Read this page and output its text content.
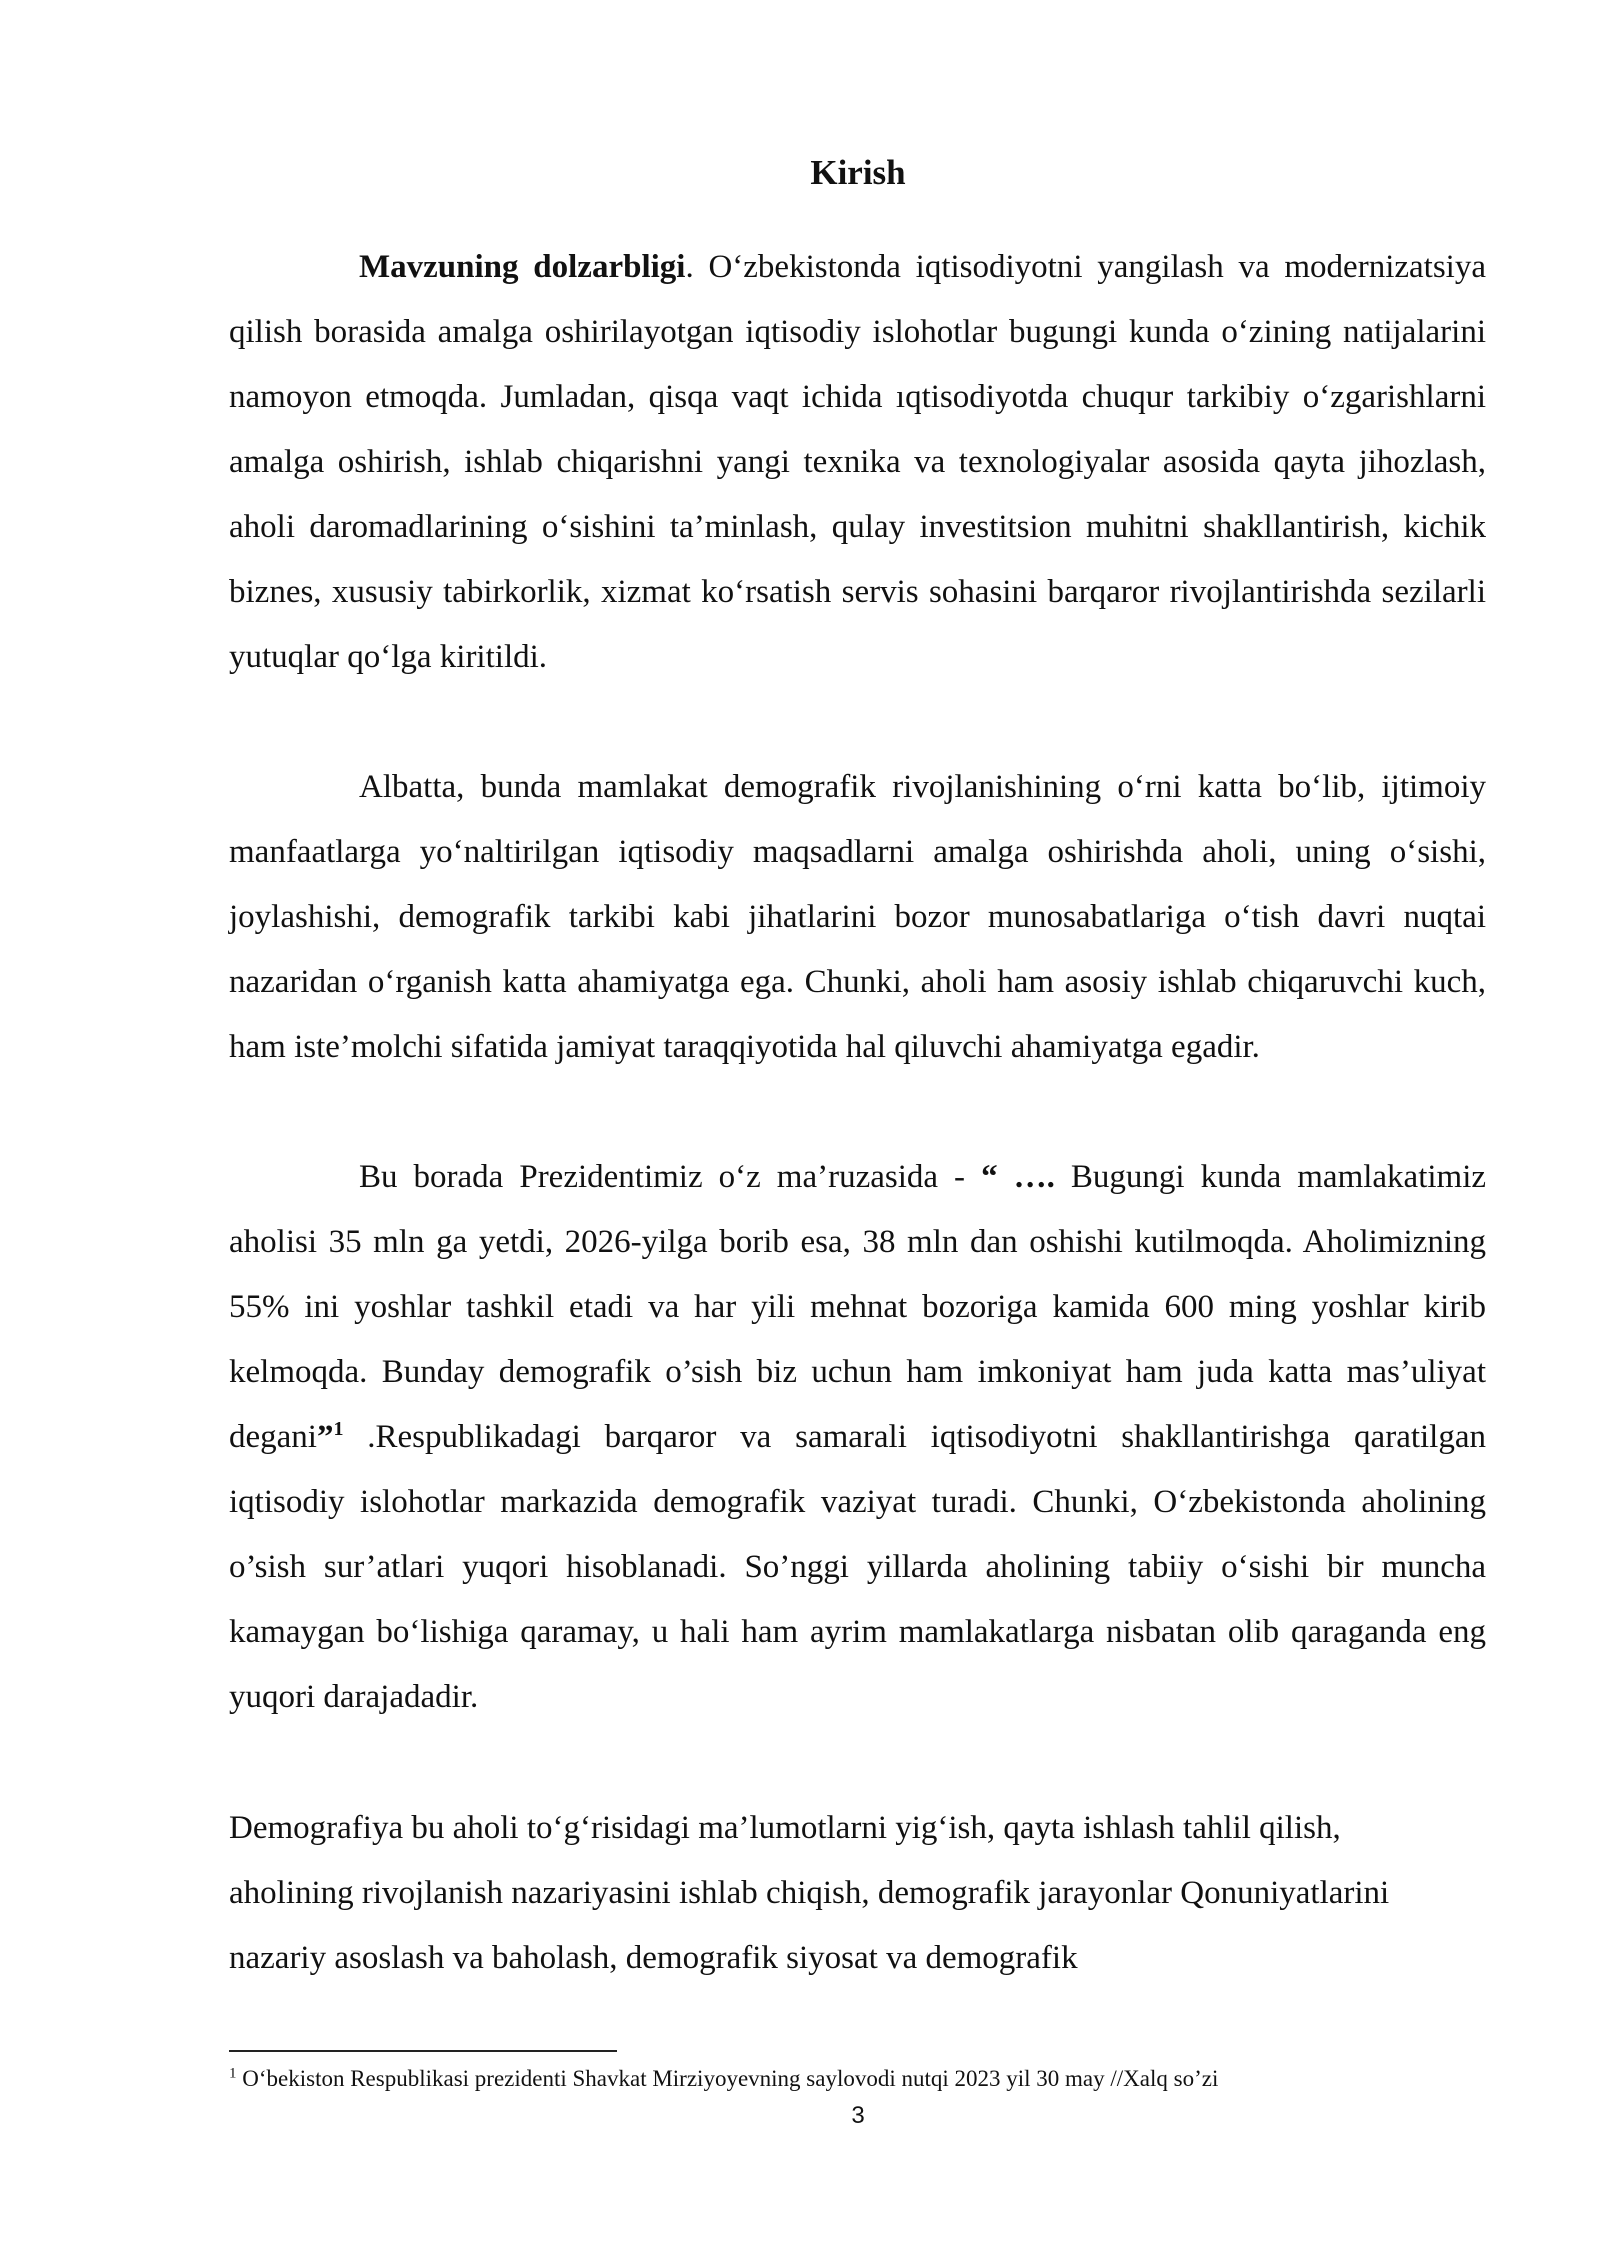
Kirish

Mavzuning dolzarbligi. O‘zbekistonda iqtisodiyotni yangilash va modernizatsiya qilish borasida amalga oshirilayotgan iqtisodiy islohotlar bugungi kunda o‘zining natijalarini namoyon etmoqda. Jumladan, qisqa vaqt ichida ıqtisodiyotda chuqur tarkibiy o‘zgarishlarni amalga oshirish, ishlab chiqarishni yangi texnika va texnologiyalar asosida qayta jihozlash, aholi daromadlarining o‘sishini ta’minlash, qulay investitsion muhitni shakllantirish, kichik biznes, xususiy tabirkorlik, xizmat ko‘rsatish servis sohasini barqaror rivojlantirishda sezilarli yutuqlar qo‘lga kiritildi.

Albatta, bunda mamlakat demografik rivojlanishining o‘rni katta bo‘lib, ijtimoiy manfaatlarga yo‘naltirilgan iqtisodiy maqsadlarni amalga oshirishda aholi, uning o‘sishi, joylashishi, demografik tarkibi kabi jihatlarini bozor munosabatlariga o‘tish davri nuqtai nazaridan o‘rganish katta ahamiyatga ega. Chunki, aholi ham asosiy ishlab chiqaruvchi kuch, ham iste’molchi sifatida jamiyat taraqqiyotida hal qiluvchi ahamiyatga egadir.

Bu borada Prezidentimiz o‘z ma’ruzasida - “ …. Bugungi kunda mamlakatimiz aholisi 35 mln ga yetdi, 2026-yilga borib esa, 38 mln dan oshishi kutilmoqda. Aholimizning 55% ini yoshlar tashkil etadi va har yili mehnat bozoriga kamida 600 ming yoshlar kirib kelmoqda. Bunday demografik o’sish biz uchun ham imkoniyat ham juda katta mas’uliyat degani”$^1$ .Respublikadagi barqaror va samarali iqtisodiyotni shakllantirishga qaratilgan iqtisodiy islohotlar markazida demografik vaziyat turadi. Chunki, O‘zbekistonda aholining o’sish sur’atlari yuqori hisoblanadi. So’nggi yillarda aholining tabiiy o‘sishi bir muncha kamaygan bo‘lishiga qaramay, u hali ham ayrim mamlakatlarga nisbatan olib qaraganda eng yuqori darajadadir.

Demografiya bu aholi to‘g‘risidagi ma’lumotlarni yig‘ish, qayta ishlash tahlil qilish, aholining rivojlanish nazariyasini ishlab chiqish, demografik jarayonlar Qonuniyatlarini nazariy asoslash va baholash, demografik siyosat va demografik

$^1$ O‘bekiston Respublikasi prezidenti Shavkat Mirziyoyevning saylovodi nutqi 2023 yil 30 may //Xalq so’zi
3
